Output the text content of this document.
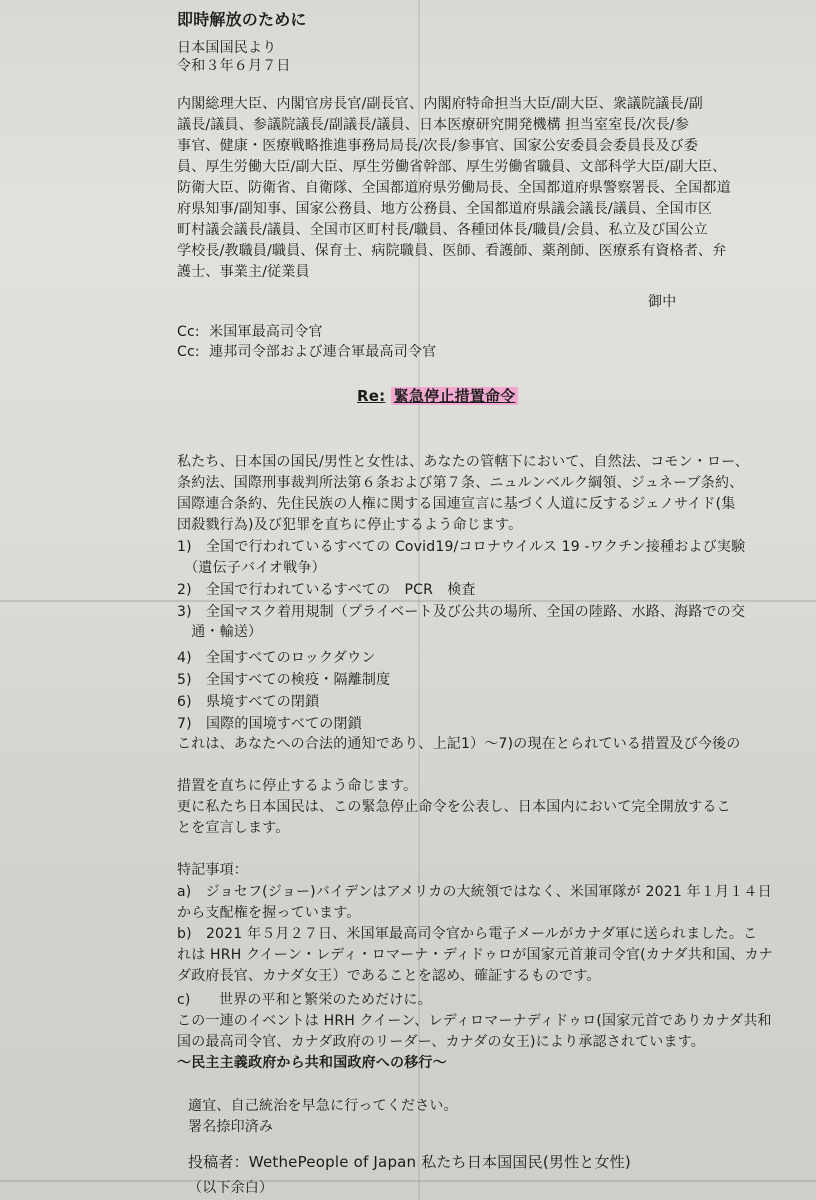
即時解放のために
日本国国民より
令和３年６月７日
内閣総理大臣、内閣官房長官/副長官、内閣府特命担当大臣/副大臣、衆議院議長/副
議長/議員、参議院議長/副議長/議員、日本医療研究開発機構 担当室室長/次長/参
事官、健康・医療戦略推進事務局局長/次長/参事官、国家公安委員会委員長及び委
員、厚生労働大臣/副大臣、厚生労働省幹部、厚生労働省職員、文部科学大臣/副大臣、
防衛大臣、防衛省、自衛隊、全国都道府県労働局長、全国都道府県警察署長、全国都道
府県知事/副知事、国家公務員、地方公務員、全国都道府県議会議長/議員、全国市区
町村議会議長/議員、全国市区町村長/職員、各種団体長/職員/会員、私立及び国公立
学校長/教職員/職員、保育士、病院職員、医師、看護師、薬剤師、医療系有資格者、弁
護士、事業主/従業員
御中
Cc: 米国軍最高司令官
Cc: 連邦司令部および連合軍最高司令官
Re: 緊急停止措置命令
私たち、日本国の国民/男性と女性は、あなたの管轄下において、自然法、コモン・ロー、
条約法、国際刑事裁判所法第６条および第７条、ニュルンベルク綱領、ジュネーブ条約、
国際連合条約、先住民族の人権に関する国連宣言に基づく人道に反するジェノサイド(集
団殺戮行為)及び犯罪を直ちに停止するよう命じます。
1)　全国で行われているすべての Covid19/コロナウイルス 19 -ワクチン接種および実験
　（遺伝子バイオ戦争）
2)　全国で行われているすべての　PCR　検査
3)　全国マスク着用規制（プライベート及び公共の場所、全国の陸路、水路、海路での交
　通・輸送）
4)　全国すべてのロックダウン
5)　全国すべての検疫・隔離制度
6)　県境すべての閉鎖
7)　国際的国境すべての閉鎖
これは、あなたへの合法的通知であり、上記1）～7)の現在とられている措置及び今後の
措置を直ちに停止するよう命じます。
更に私たち日本国民は、この緊急停止命令を公表し、日本国内において完全開放するこ
とを宣言します。
特記事項：
a)　ジョセフ(ジョー)バイデンはアメリカの大統領ではなく、米国軍隊が 2021 年１月１４日
から支配権を握っています。
b)　2021 年５月２７日、米国軍最高司令官から電子メールがカナダ軍に送られました。こ
れは HRH クイーン・レディ・ロマーナ・ディドゥロが国家元首兼司令官(カナダ共和国、カナ
ダ政府長官、カナダ女王）であることを認め、確証するものです。
c)　　世界の平和と繁栄のためだけに。
この一連のイベントは HRH クイーン、レディロマーナディドゥロ(国家元首でありカナダ共和
国の最高司令官、カナダ政府のリーダー、カナダの女王)により承認されています。
～民主主義政府から共和国政府への移行～
適宜、自己統治を早急に行ってください。
署名捺印済み
投稿者：WethePeople of Japan 私たち日本国国民(男性と女性)
（以下余白）
